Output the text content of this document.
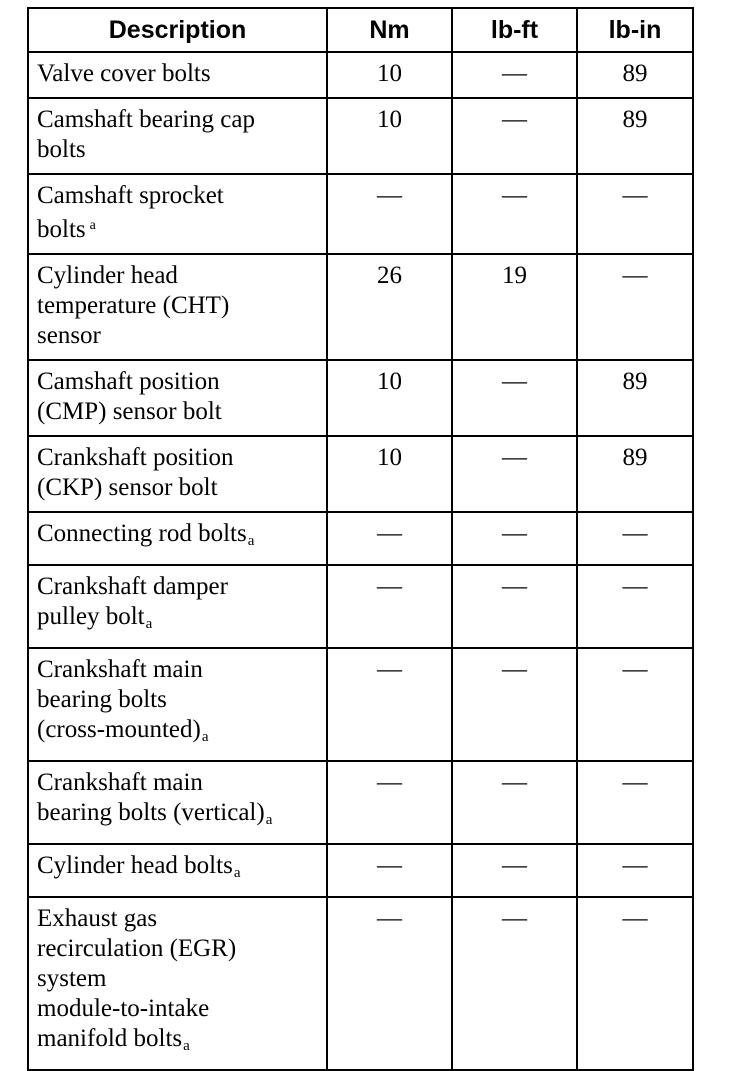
Description	Nm	lb-ft	lb-in

Valve cover bolts	10	—	89

Camshaft bearing cap
bolts	10	—	89

Camshaft sprocket
bolts $^a$	—	—	—

Cylinder head
temperature (CHT)
sensor	26	19	—

Camshaft position
(CMP) sensor bolt	10	—	89

Crankshaft position
(CKP) sensor bolt	10	—	89

Connecting rod bolts$_a$	—	—	—

Crankshaft damper
pulley bolt$_a$	—	—	—

Crankshaft main
bearing bolts
$(cross-mounted)_a$	—	—	—

Crankshaft main
bearing bolts $(vertical)_a$	—	—	—

Cylinder head bolts$_a$	—	—	—

Exhaust gas
recirculation (EGR)
system
module-to-intake
manifold bolts$_a$	—	—	—
